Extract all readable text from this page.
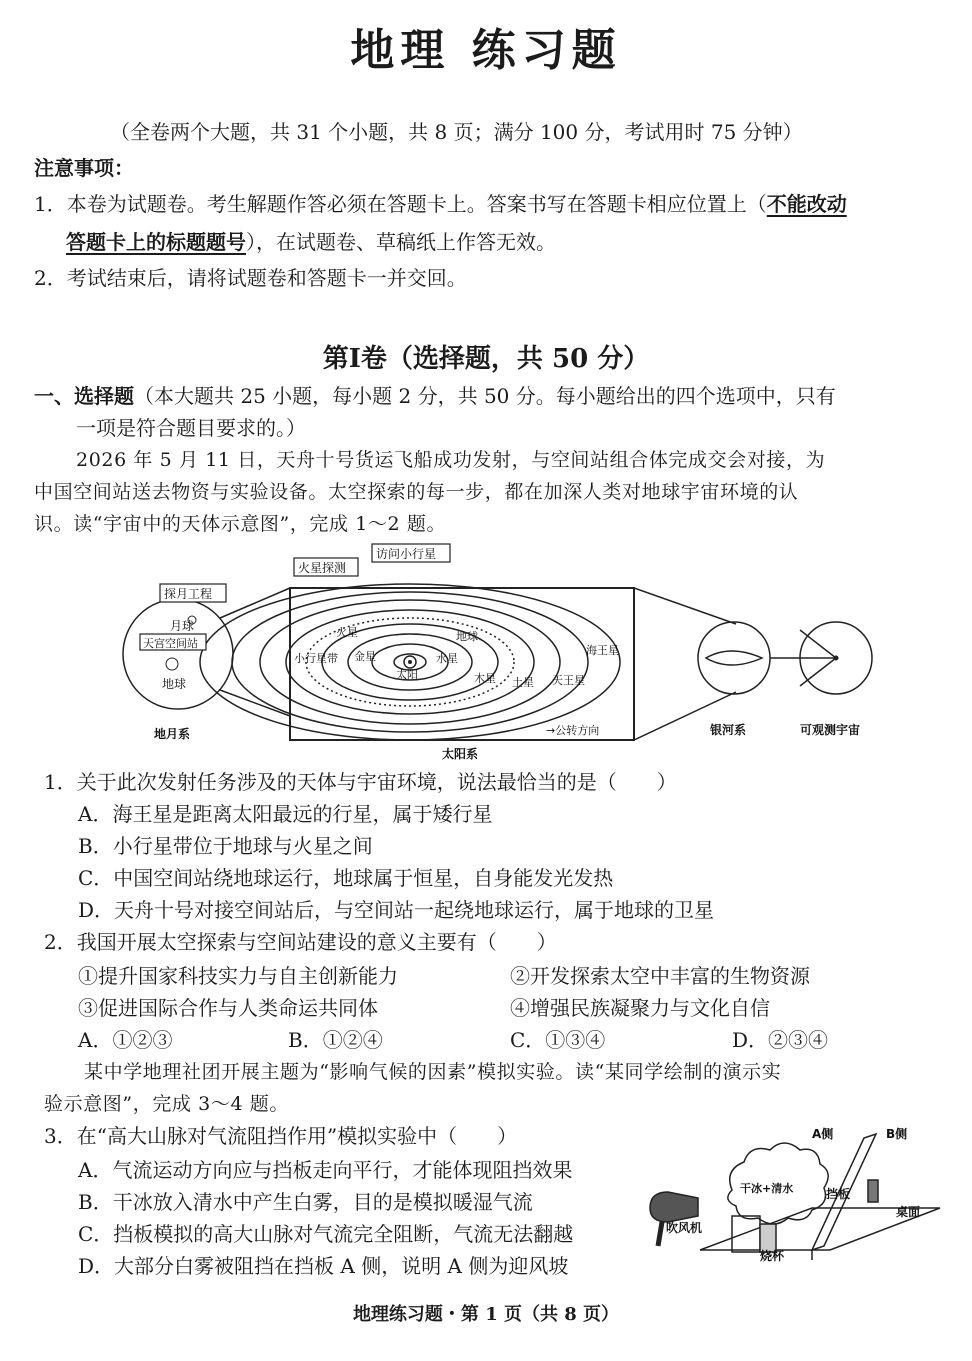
地理 练习题
（全卷两个大题，共 31 个小题，共 8 页；满分 100 分，考试用时 75 分钟）
注意事项：
1．本卷为试题卷。考生解题作答必须在答题卡上。答案书写在答题卡相应位置上（不能改动
答题卡上的标题题号），在试题卷、草稿纸上作答无效。
2．考试结束后，请将试题卷和答题卡一并交回。
第Ⅰ卷（选择题，共 50 分）
一、选择题（本大题共 25 小题，每小题 2 分，共 50 分。每小题给出的四个选项中，只有
一项是符合题目要求的。）
2026 年 5 月 11 日，天舟十号货运飞船成功发射，与空间站组合体完成交会对接，为
中国空间站送去物资与实验设备。太空探索的每一步，都在加深人类对地球宇宙环境的认
识。读“宇宙中的天体示意图”，完成 1～2 题。
探月工程
火星探测
访问小行星
月球
天宫空间站
地球
地月系
小行星带 金星
太阳
水星
地球
火星
木星 土星 天王星
海王星
→公转方向
太阳系
银河系	可观测宇宙
1．关于此次发射任务涉及的天体与宇宙环境，说法最恰当的是（　　）
A．海王星是距离太阳最远的行星，属于矮行星
B．小行星带位于地球与火星之间
C．中国空间站绕地球运行，地球属于恒星，自身能发光发热
D．天舟十号对接空间站后，与空间站一起绕地球运行，属于地球的卫星
2．我国开展太空探索与空间站建设的意义主要有（　　）
①提升国家科技实力与自主创新能力	②开发探索太空中丰富的生物资源
③促进国际合作与人类命运共同体	④增强民族凝聚力与文化自信
A．①②③	B．①②④	C．①③④	D．②③④
某中学地理社团开展主题为“影响气候的因素”模拟实验。读“某同学绘制的演示实
验示意图”，完成 3～4 题。
3．在“高大山脉对气流阻挡作用”模拟实验中（　　）
A．气流运动方向应与挡板走向平行，才能体现阻挡效果
B．干冰放入清水中产生白雾，目的是模拟暖湿气流
C．挡板模拟的高大山脉对气流完全阻断，气流无法翻越
D．大部分白雾被阻挡在挡板 A 侧，说明 A 侧为迎风坡
A侧	B侧
干冰+清水	挡板
桌面
吹风机
烧杯
地理练习题・第 1 页（共 8 页）
